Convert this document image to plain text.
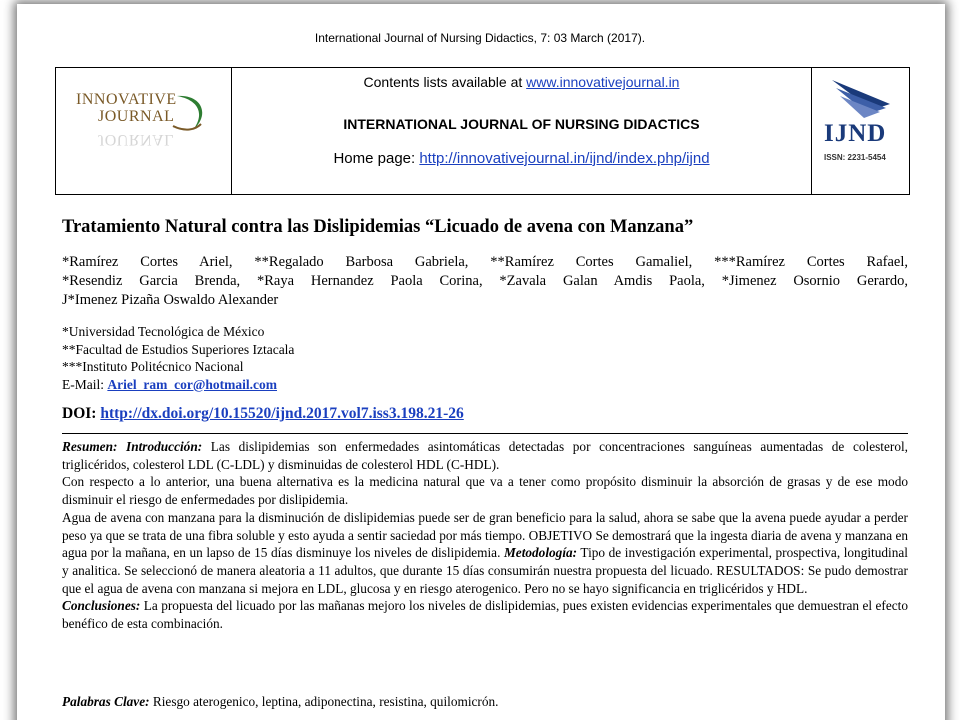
International Journal of Nursing Didactics, 7: 03 March (2017).
INNOVATIVE
JOURNAL
JOURNAL
Contents lists available at www.innovativejournal.in
INTERNATIONAL JOURNAL OF NURSING DIDACTICS
Home page: http://innovativejournal.in/ijnd/index.php/ijnd
IJND
ISSN: 2231-5454
Tratamiento Natural contra las Dislipidemias “Licuado de avena con Manzana”
*Ramírez Cortes Ariel, **Regalado Barbosa Gabriela, **Ramírez Cortes Gamaliel, ***Ramírez Cortes Rafael,
*Resendiz Garcia Brenda, *Raya Hernandez Paola Corina, *Zavala Galan Amdis Paola, *Jimenez Osornio Gerardo,
J*Imenez Pizaña Oswaldo Alexander
*Universidad Tecnológica de México
**Facultad de Estudios Superiores Iztacala
***Instituto Politécnico Nacional
E-Mail: Ariel_ram_cor@hotmail.com
DOI: http://dx.doi.org/10.15520/ijnd.2017.vol7.iss3.198.21-26

Resumen: Introducción: Las dislipidemias son enfermedades asintomáticas detectadas por concentraciones sanguíneas aumentadas de colesterol, triglicéridos, colesterol LDL (C-LDL) y disminuidas de colesterol HDL (C-HDL).

Con respecto a lo anterior, una buena alternativa es la medicina natural que va a tener como propósito disminuir la absorción de grasas y de ese modo disminuir el riesgo de enfermedades por dislipidemia.

Agua de avena con manzana para la disminución de dislipidemias puede ser de gran beneficio para la salud, ahora se sabe que la avena puede ayudar a perder peso ya que se trata de una fibra soluble y esto ayuda a sentir saciedad por más tiempo. OBJETIVO Se demostrará que la ingesta diaria de avena y manzana en agua por la mañana, en un lapso de 15 días disminuye los niveles de dislipidemia. Metodología: Tipo de investigación experimental, prospectiva, longitudinal y analitica. Se seleccionó de manera aleatoria a 11 adultos, que durante 15 días consumirán nuestra propuesta del licuado. RESULTADOS: Se pudo demostrar que el agua de avena con manzana si mejora en LDL, glucosa y en riesgo aterogenico. Pero no se hayo significancia en triglicéridos y HDL.

Conclusiones: La propuesta del licuado por las mañanas mejoro los niveles de dislipidemias, pues existen evidencias experimentales que demuestran el efecto benéfico de esta combinación.

Palabras Clave: Riesgo aterogenico, leptina, adiponectina, resistina, quilomicrón.
